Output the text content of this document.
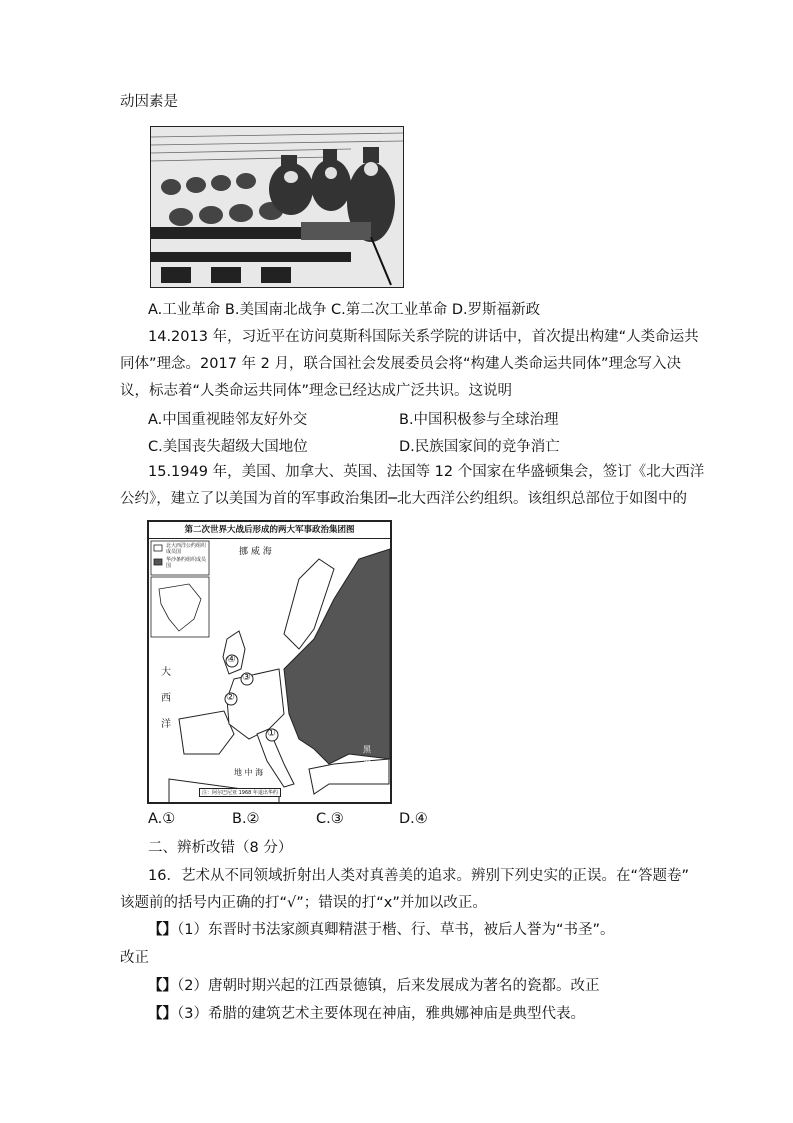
动因素是
A.工业革命 B.美国南北战争 C.第二次工业革命 D.罗斯福新政
14.2013 年，习近平在访问莫斯科国际关系学院的讲话中，首次提出构建“人类命运共
同体”理念。2017 年 2 月，联合国社会发展委员会将“构建人类命运共同体”理念写入决
议，标志着“人类命运共同体”理念已经达成广泛共识。这说明
A.中国重视睦邻友好外交	B.中国积极参与全球治理
C.美国丧失超级大国地位	D.民族国家间的竞争消亡
15.1949 年，美国、加拿大、英国、法国等 12 个国家在华盛顿集会，签订《北大西洋
公约》，建立了以美国为首的军事政治集团─北大西洋公约组织。该组织总部位于如图中的
第二次世界大战后形成的两大军事政治集团图
北大西洋公约组织成员国
华沙条约组织成员国
挪 威 海
大
西
洋
地 中 海
黑
海
①
②
③
④
注：阿尔巴尼亚 1968 年退出华约
A.①	B.②	C.③	D.④
二、辨析改错（8 分）
16．艺术从不同领域折射出人类对真善美的追求。辨别下列史实的正误。在“答题卷”
该题前的括号内正确的打“√”；错误的打“x”并加以改正。
【】（1）东晋时书法家颜真卿精湛于楷、行、草书，被后人誉为“书圣”。
改正
【】（2）唐朝时期兴起的江西景德镇，后来发展成为著名的瓷都。改正
【】（3）希腊的建筑艺术主要体现在神庙，雅典娜神庙是典型代表。
